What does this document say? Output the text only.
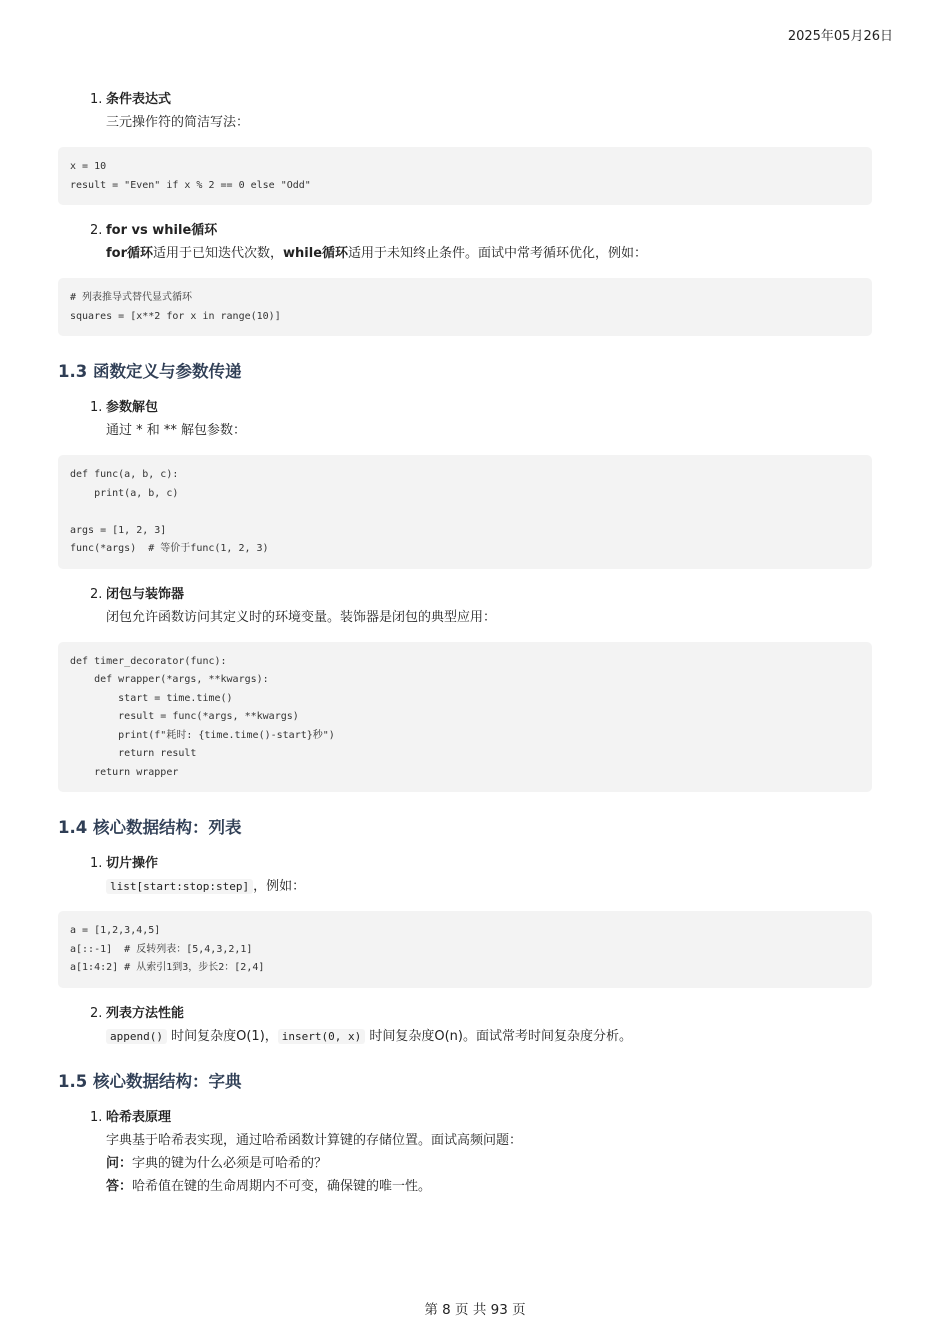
2025年05月26日
1. 条件表达式

三元操作符的简洁写法：

x = 10
result = "Even" if x % 2 == 0 else "Odd"
2. for vs while循环

for循环适用于已知迭代次数，while循环适用于未知终止条件。面试中常考循环优化，例如：

# 列表推导式替代显式循环
squares = [x**2 for x in range(10)]
1.3 函数定义与参数传递
1. 参数解包

通过 * 和 ** 解包参数：

def func(a, b, c):
print(a, b, c)

args = [1, 2, 3]
func(*args)  # 等价于func(1, 2, 3)
2. 闭包与装饰器

闭包允许函数访问其定义时的环境变量。装饰器是闭包的典型应用：

def timer_decorator(func):
def wrapper(*args, **kwargs):
start = time.time()
result = func(*args, **kwargs)
print(f"耗时: {time.time()-start}秒")
return result
return wrapper
1.4 核心数据结构：列表
1. 切片操作

list[start:stop:step] ，例如：

a = [1,2,3,4,5]
a[::-1]  # 反转列表：[5,4,3,2,1]
a[1:4:2] # 从索引1到3，步长2：[2,4]
2. 列表方法性能

append() 时间复杂度O(1)， insert(0, x) 时间复杂度O(n)。面试常考时间复杂度分析。

1.5 核心数据结构：字典
1. 哈希表原理

字典基于哈希表实现，通过哈希函数计算键的存储位置。面试高频问题：

问：字典的键为什么必须是可哈希的？

答：哈希值在键的生命周期内不可变，确保键的唯一性。

第 8 页 共 93 页
